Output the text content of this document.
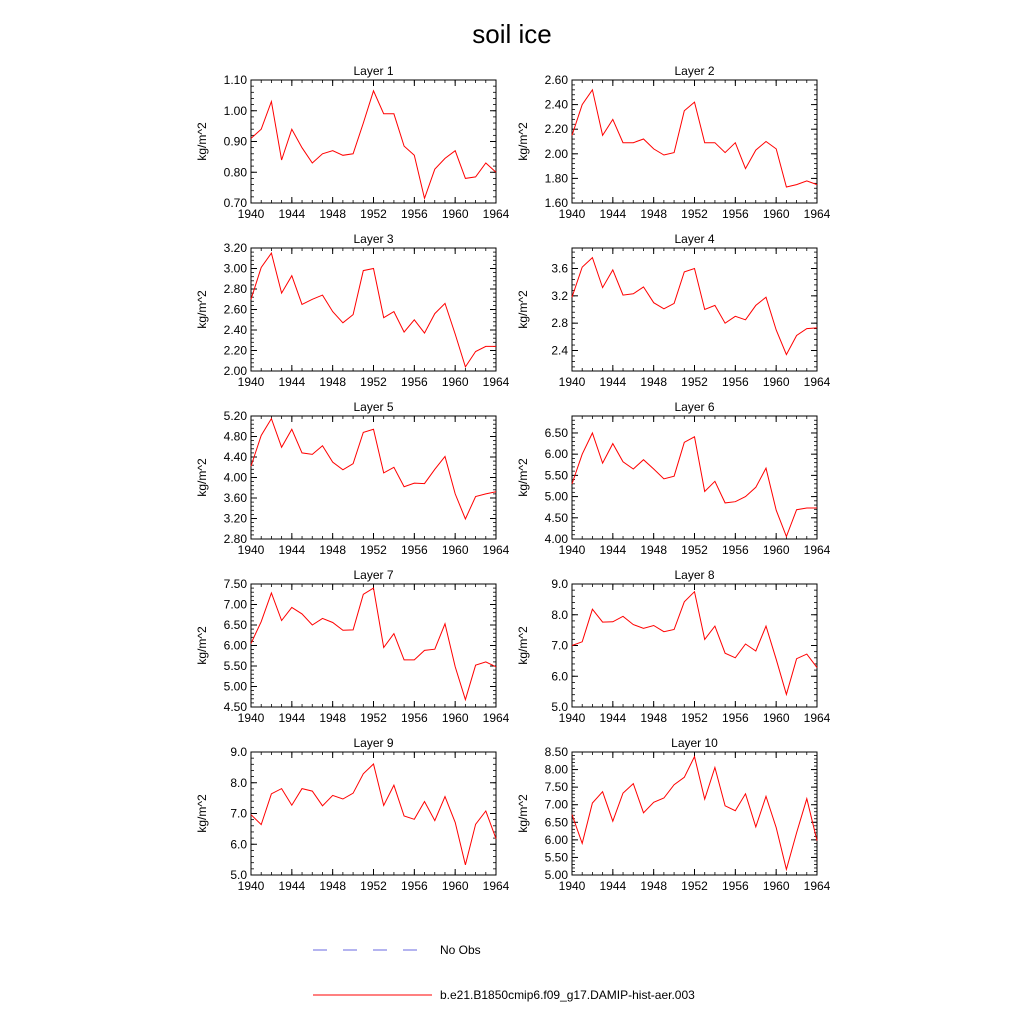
soil ice
Layer 1
1940 1944 1948 1952 1956 1960 1964
0.70
0.80
0.90
1.00
1.10
kg/m^2
Layer 2
1940 1944 1948 1952 1956 1960 1964
1.60
1.80
2.00
2.20
2.40
2.60
kg/m^2
Layer 3
1940 1944 1948 1952 1956 1960 1964
2.00
2.20
2.40
2.60
2.80
3.00
3.20
kg/m^2
Layer 4
1940 1944 1948 1952 1956 1960 1964
2.4
2.8
3.2
3.6
kg/m^2
Layer 5
1940 1944 1948 1952 1956 1960 1964
2.80
3.20
3.60
4.00
4.40
4.80
5.20
kg/m^2
Layer 6
1940 1944 1948 1952 1956 1960 1964
4.00
4.50
5.00
5.50
6.00
6.50
kg/m^2
Layer 7
1940 1944 1948 1952 1956 1960 1964
4.50
5.00
5.50
6.00
6.50
7.00
7.50
kg/m^2
Layer 8
1940 1944 1948 1952 1956 1960 1964
5.0
6.0
7.0
8.0
9.0
kg/m^2
Layer 9
1940 1944 1948 1952 1956 1960 1964
5.0
6.0
7.0
8.0
9.0
kg/m^2
Layer 10
1940 1944 1948 1952 1956 1960 1964
5.00
5.50
6.00
6.50
7.00
7.50
8.00
8.50
kg/m^2
No Obs
b.e21.B1850cmip6.f09_g17.DAMIP-hist-aer.003
